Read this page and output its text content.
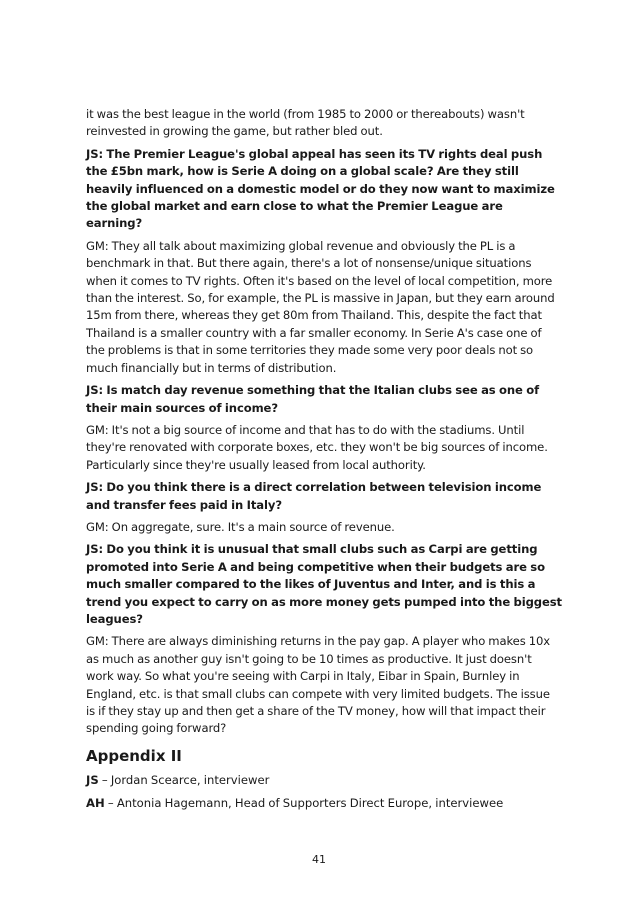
it was the best league in the world (from 1985 to 2000 or thereabouts) wasn't reinvested in growing the game, but rather bled out.

JS: The Premier League's global appeal has seen its TV rights deal push the £5bn mark, how is Serie A doing on a global scale? Are they still heavily influenced on a domestic model or do they now want to maximize the global market and earn close to what the Premier League are earning?

GM: They all talk about maximizing global revenue and obviously the PL is a benchmark in that. But there again, there's a lot of nonsense/unique situations when it comes to TV rights. Often it's based on the level of local competition, more than the interest. So, for example, the PL is massive in Japan, but they earn around 15m from there, whereas they get 80m from Thailand. This, despite the fact that Thailand is a smaller country with a far smaller economy. In Serie A's case one of the problems is that in some territories they made some very poor deals not so much financially but in terms of distribution.

JS: Is match day revenue something that the Italian clubs see as one of their main sources of income?

GM: It's not a big source of income and that has to do with the stadiums. Until they're renovated with corporate boxes, etc. they won't be big sources of income. Particularly since they're usually leased from local authority.

JS: Do you think there is a direct correlation between television income and transfer fees paid in Italy?

GM: On aggregate, sure. It's a main source of revenue.

JS: Do you think it is unusual that small clubs such as Carpi are getting promoted into Serie A and being competitive when their budgets are so much smaller compared to the likes of Juventus and Inter, and is this a trend you expect to carry on as more money gets pumped into the biggest leagues?

GM: There are always diminishing returns in the pay gap. A player who makes 10x as much as another guy isn't going to be 10 times as productive. It just doesn't work way. So what you're seeing with Carpi in Italy, Eibar in Spain, Burnley in England, etc. is that small clubs can compete with very limited budgets. The issue is if they stay up and then get a share of the TV money, how will that impact their spending going forward?

Appendix II

JS – Jordan Scearce, interviewer

AH – Antonia Hagemann, Head of Supporters Direct Europe, interviewee

41
